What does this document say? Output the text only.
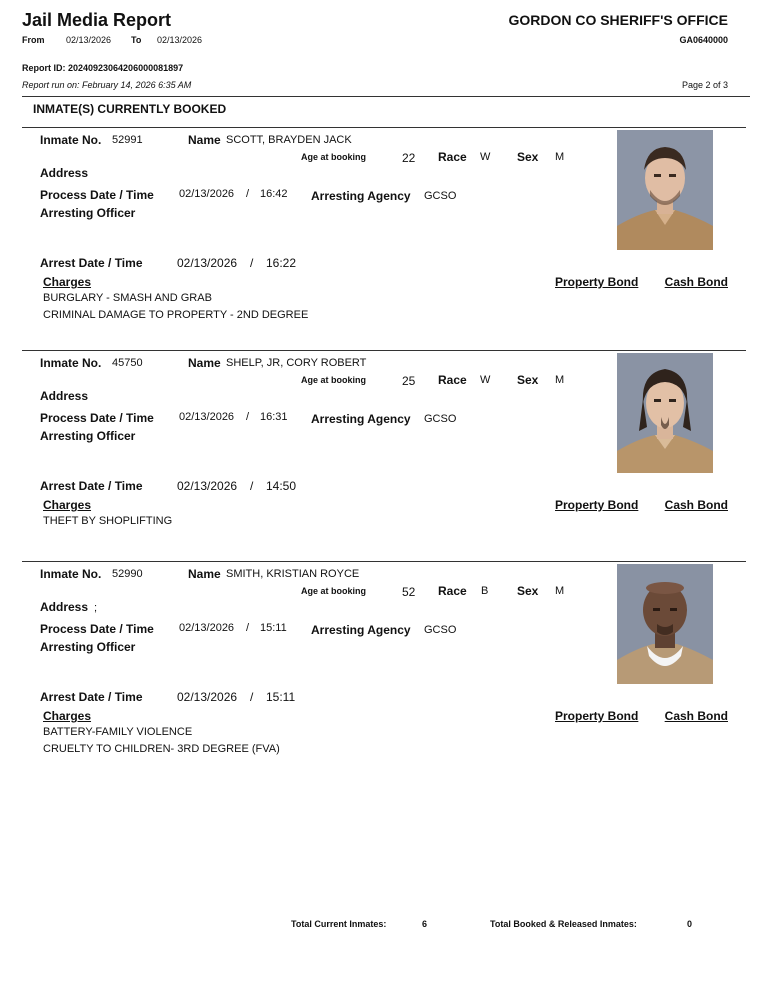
Jail Media Report
From 02/13/2026 To 02/13/2026
GORDON CO SHERIFF'S OFFICE
GA0640000
Report ID: 20240923064206000081897
Report run on: February 14, 2026 6:35 AM	Page 2 of 3
INMATE(S) CURRENTLY BOOKED
Inmate No. 52991	Name SCOTT, BRAYDEN JACK
Age at booking	22 Race W Sex M
Address
Process Date / Time 02/13/2026 / 16:42 Arresting Agency GCSO
Arresting Officer
Arrest Date / Time	02/13/2026 / 16:22
Charges	Property Bond Cash Bond
BURGLARY - SMASH AND GRAB
CRIMINAL DAMAGE TO PROPERTY - 2ND DEGREE
Inmate No. 45750	Name SHELP, JR, CORY ROBERT
Age at booking	25 Race W Sex M
Address
Process Date / Time 02/13/2026 / 16:31 Arresting Agency GCSO
Arresting Officer
Arrest Date / Time	02/13/2026 / 14:50
Charges	Property Bond Cash Bond
THEFT BY SHOPLIFTING
Inmate No. 52990	Name SMITH, KRISTIAN ROYCE
Age at booking	52 Race B Sex M
Address ;
Process Date / Time 02/13/2026 / 15:11 Arresting Agency GCSO
Arresting Officer
Arrest Date / Time	02/13/2026 / 15:11
Charges	Property Bond Cash Bond
BATTERY-FAMILY VIOLENCE
CRUELTY TO CHILDREN- 3RD DEGREE (FVA)
Total Current Inmates:	6	Total Booked & Released Inmates:	0
